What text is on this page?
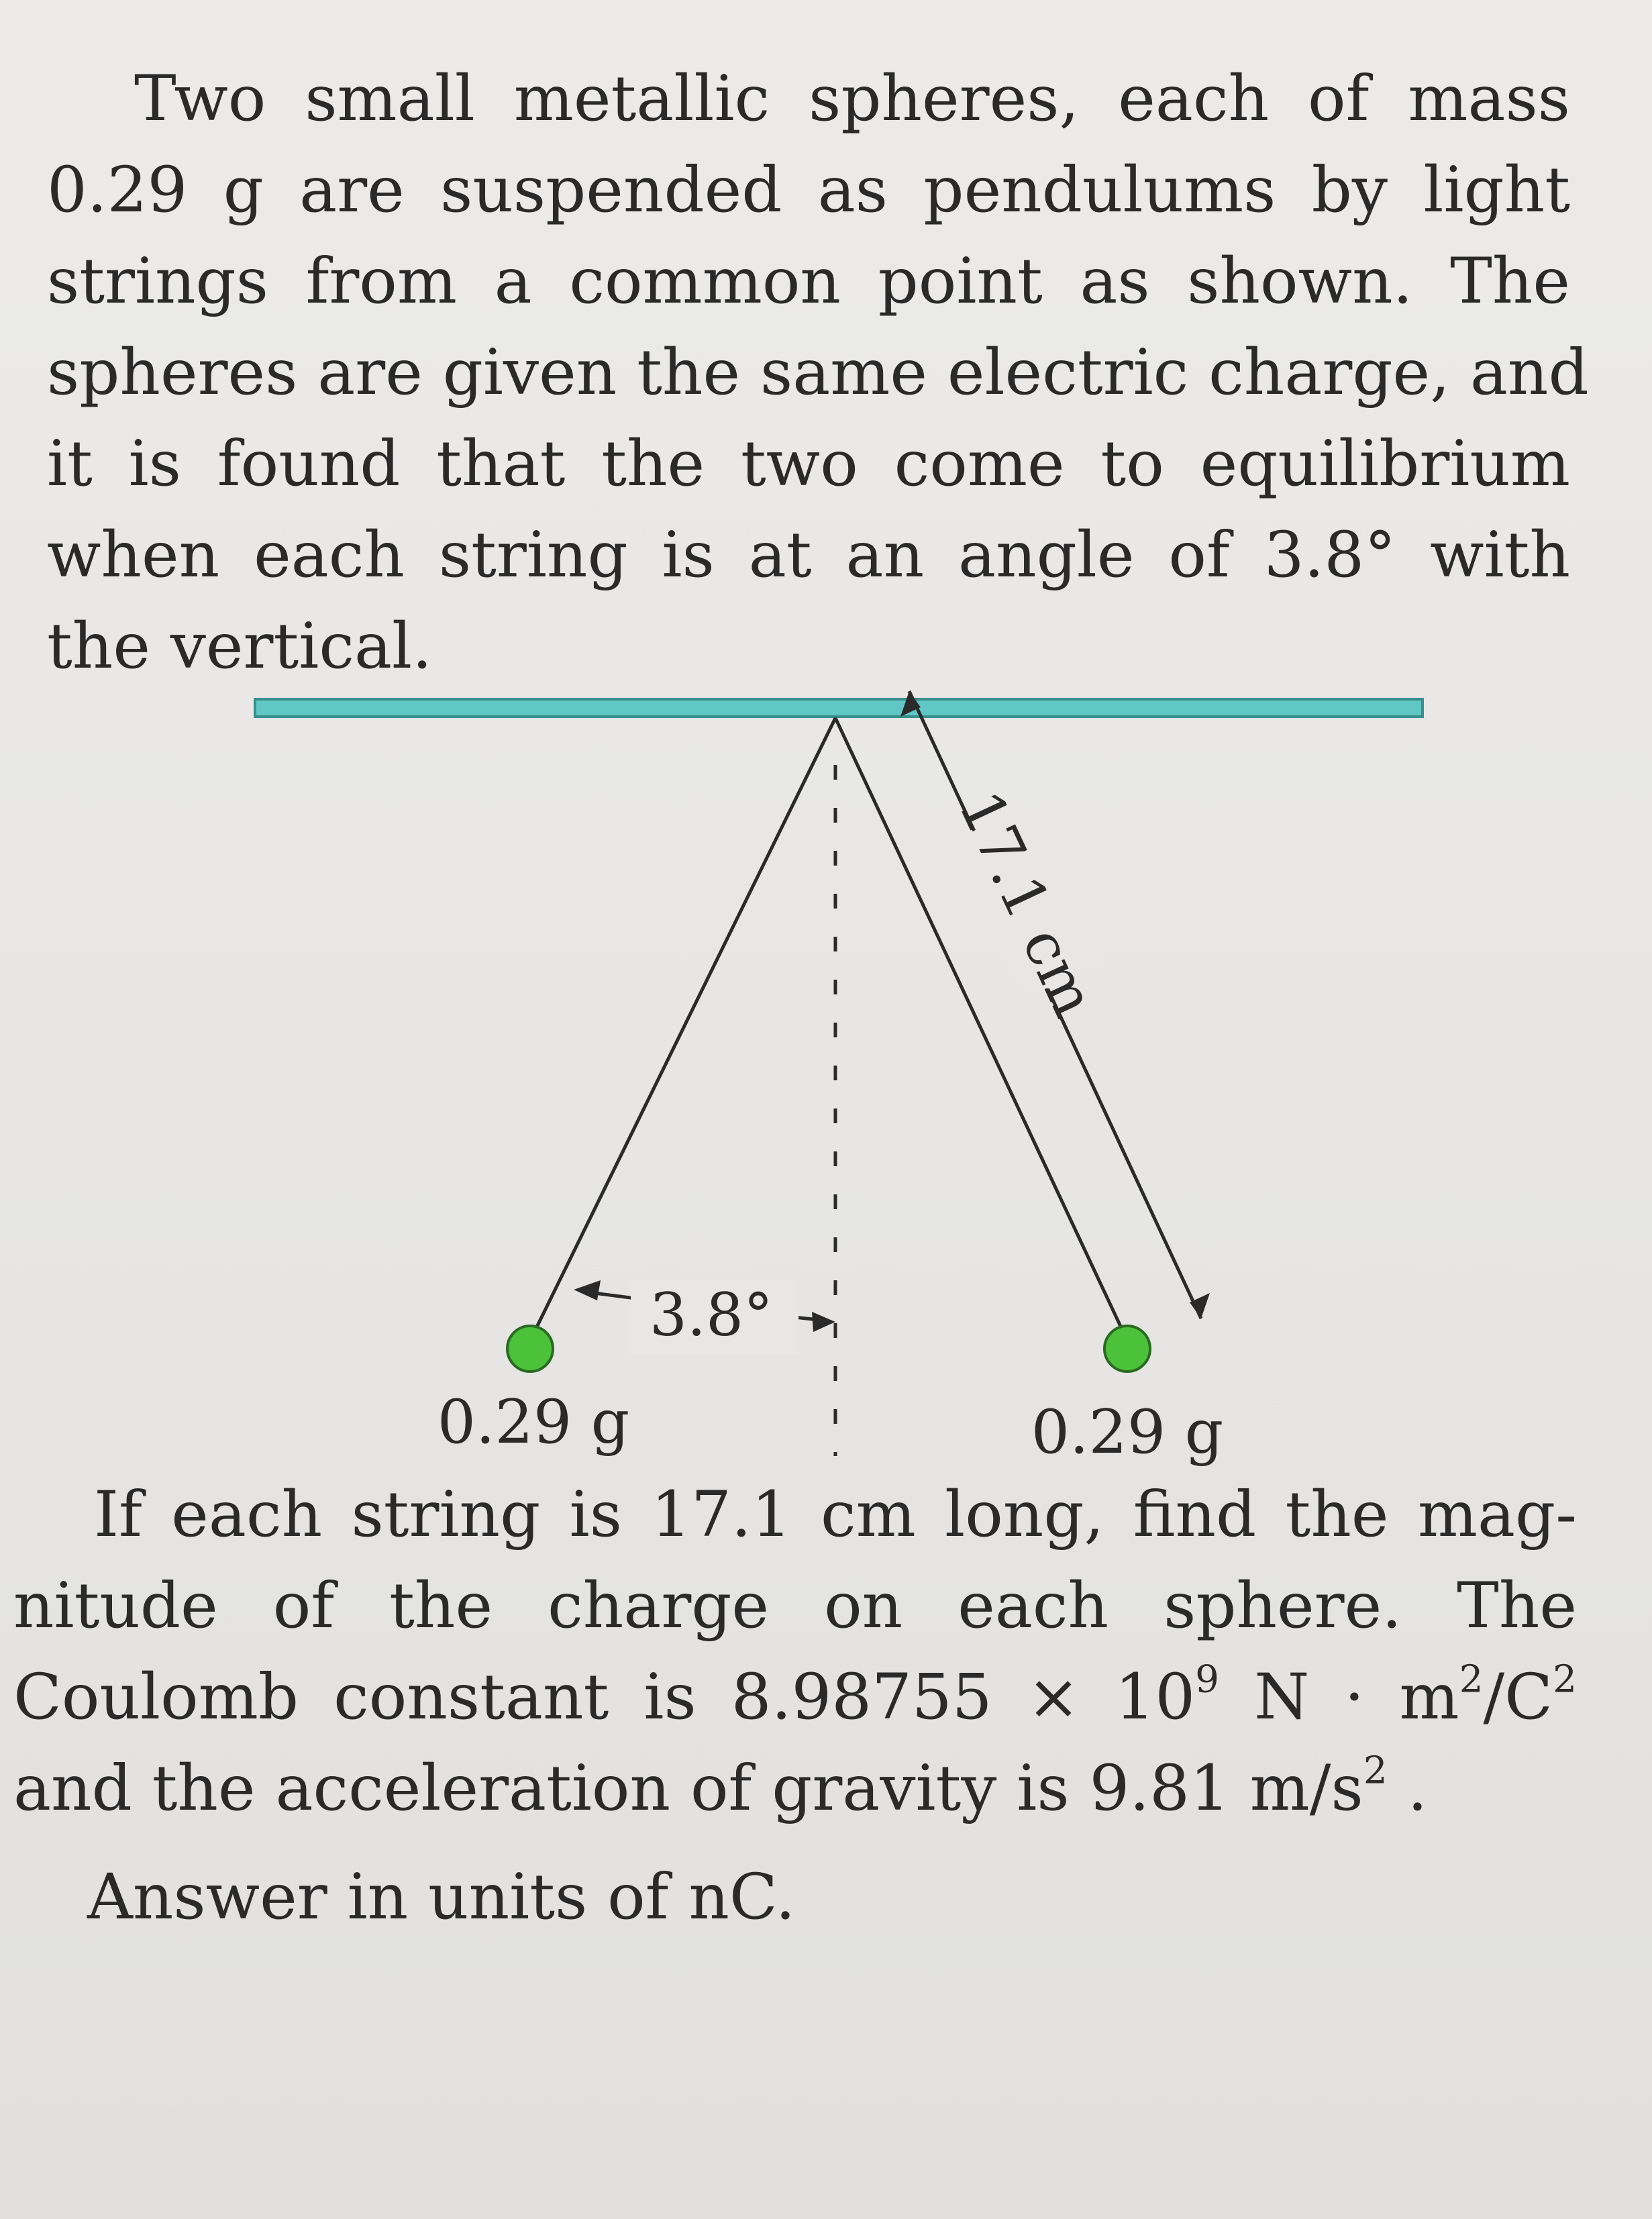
Two small metallic spheres, each of mass
0.29 g are suspended as pendulums by light
strings from a common point as shown. The
spheres are given the same electric charge, and
it is found that the two come to equilibrium
when each string is at an angle of 3.8° with
the vertical.
17.1 cm
3.8°
0.29 g	0.29 g
If each string is 17.1 cm long, find the mag-
nitude of the charge on each sphere. The
Coulomb constant is $8.98755 \times 10^9$ $N \cdot m^2/C^2$
and the acceleration of gravity is 9.81 $m/s^2$ .
Answer in units of nC.
